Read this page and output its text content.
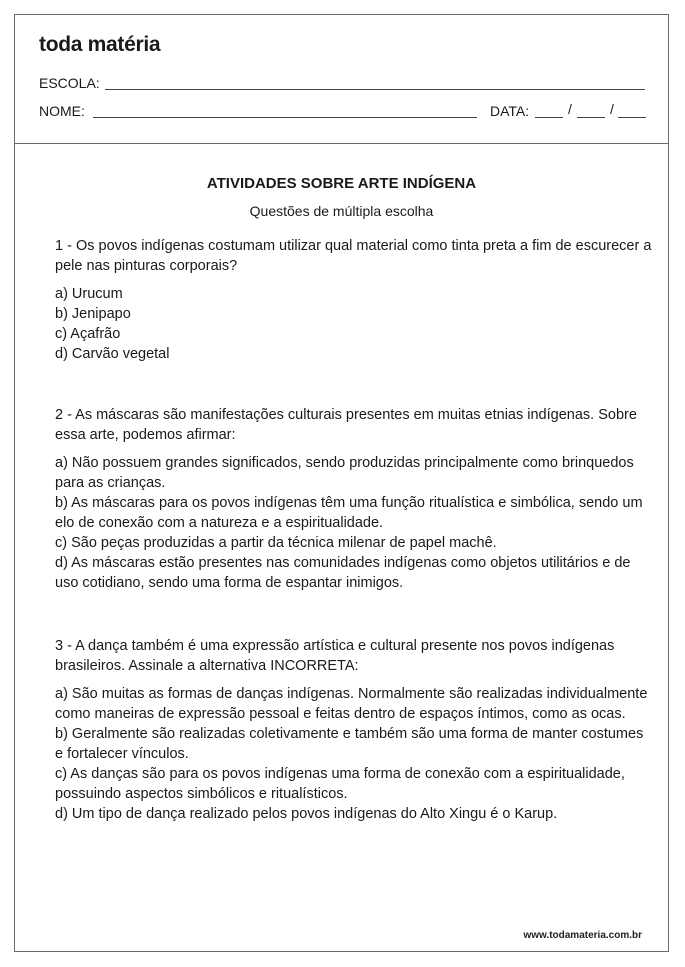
toda matéria
ESCOLA:
NOME:	DATA:	/	/
ATIVIDADES SOBRE ARTE INDÍGENA
Questões de múltipla escolha

1 - Os povos indígenas costumam utilizar qual material como tinta preta a fim de escurecer a pele nas pinturas corporais?

a) Urucum
b) Jenipapo
c) Açafrão
d) Carvão vegetal

2 - As máscaras são manifestações culturais presentes em muitas etnias indígenas. Sobre essa arte, podemos afirmar:

a) Não possuem grandes significados, sendo produzidas principalmente como brinquedos para as crianças.
b) As máscaras para os povos indígenas têm uma função ritualística e simbólica, sendo um elo de conexão com a natureza e a espiritualidade.
c) São peças produzidas a partir da técnica milenar de papel machê.
d) As máscaras estão presentes nas comunidades indígenas como objetos utilitários e de uso cotidiano, sendo uma forma de espantar inimigos.

3 - A dança também é uma expressão artística e cultural presente nos povos indígenas brasileiros. Assinale a alternativa INCORRETA:

a) São muitas as formas de danças indígenas. Normalmente são realizadas individualmente como maneiras de expressão pessoal e feitas dentro de espaços íntimos, como as ocas.
b) Geralmente são realizadas coletivamente e também são uma forma de manter costumes e fortalecer vínculos.
c) As danças são para os povos indígenas uma forma de conexão com a espiritualidade, possuindo aspectos simbólicos e ritualísticos.
d) Um tipo de dança realizado pelos povos indígenas do Alto Xingu é o Karup.
www.todamateria.com.br
